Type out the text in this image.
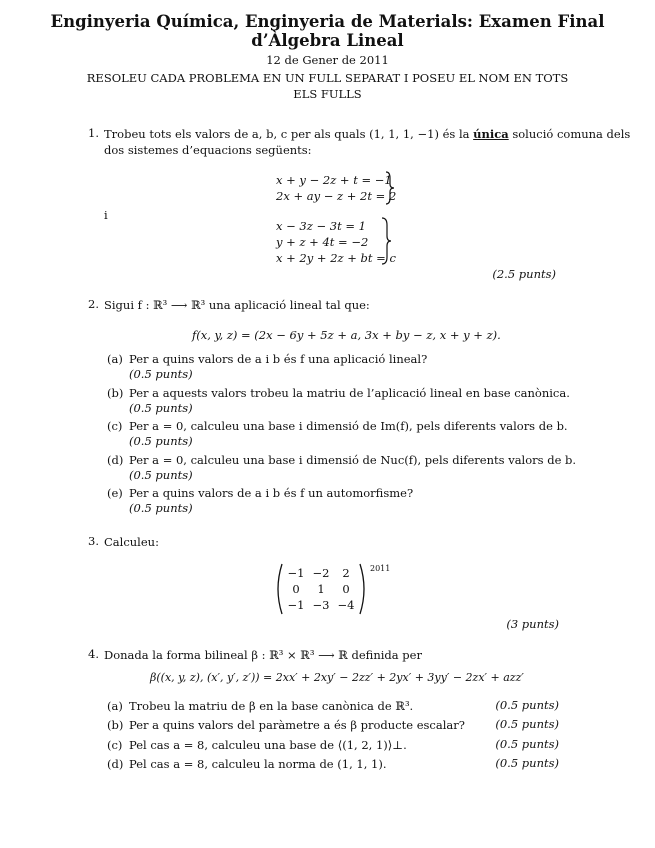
Enginyeria Química, Enginyeria de Materials: Examen Final
d’Àlgebra Lineal
12 de Gener de 2011
RESOLEU CADA PROBLEMA EN UN FULL SEPARAT I POSEU EL NOM EN TOTS
ELS FULLS
1. Trobeu tots els valors de a, b, c per als quals (1, 1, 1, −1) és la única solució comuna dels
dos sistemes d’equacions següents:
x + y − 2z + t = −1
2x + ay − z + 2t = 2
i
x − 3z − 3t = 1
y + z + 4t = −2
x + 2y + 2z + bt = c
(2.5 punts)
2. Sigui f : ℝ³ ⟶ ℝ³ una aplicació lineal tal que:
f(x, y, z) = (2x − 6y + 5z + a, 3x + by − z, x + y + z).
(a) Per a quins valors de a i b és f una aplicació lineal?
(0.5 punts)
(b) Per a aquests valors trobeu la matriu de l’aplicació lineal en base canònica.
(0.5 punts)
(c) Per a = 0, calculeu una base i dimensió de Im(f), pels diferents valors de b.
(0.5 punts)
(d) Per a = 0, calculeu una base i dimensió de Nuc(f), pels diferents valors de b.
(0.5 punts)
(e) Per a quins valors de a i b és f un automorfisme?
(0.5 punts)
3. Calculeu:
−1 −2 2
0 1 0
−1 −3 −4
2011
(3 punts)
4. Donada la forma bilineal β : ℝ³ × ℝ³ ⟶ ℝ definida per
β((x, y, z), (x′, y′, z′)) = 2xx′ + 2xy′ − 2zz′ + 2yx′ + 3yy′ − 2zx′ + azz′
(a) Trobeu la matriu de β en la base canònica de ℝ³.	(0.5 punts)
(b) Per a quins valors del paràmetre a és β producte escalar?	(0.5 punts)
(c) Pel cas a = 8, calculeu una base de ⟨(1, 2, 1)⟩⊥.	(0.5 punts)
(d) Pel cas a = 8, calculeu la norma de (1, 1, 1).	(0.5 punts)
